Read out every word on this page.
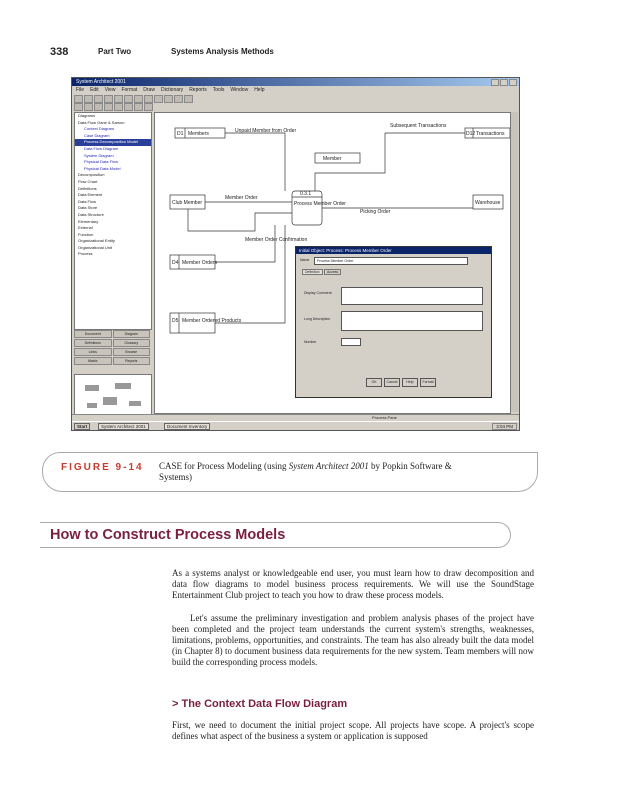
338	Part Two	Systems Analysis Methods
System Architect 2001
File Edit View Format Draw Dictionary Reports Tools Window Help
Diagrams
Data Flow Gane & Sarson
Context Diagram
Case Diagram
Process Decomposition Model
Data Flow Diagram
System Diagram
Physical Data Flow
Physical Data Model
Decomposition
Flow Chart
Definitions
Data Element
Data Flow
Data Store
Data Structure
Elementary
External
Function
Organizational Entity
Organizational Unit
Process
Document	Diagram
Definitions	Glossary
Links	Browse
Matrix	Reports
D1 Members	Unpaid Member from Order
Subsequent Transactions
D12 Transactions
Member
Club Member
Member Order
0.3.1
Process Member Order
Member Order Confirmation
Picking Order
Warehouse
D4 Member Orders
D5 Member Ordered Products
Initial Object: Process: Process Member Order
Name	Process Member Order
Definition	Access
Display Comment
Long Description
Number
OK	Cancel	Help	Format
Process Pane
Start	System Architect 2001	Document Inventory	3:04 PM
FIGURE 9-14 CASE for Process Modeling (using System Architect 2001 by Popkin Software & Systems)
How to Construct Process Models

As a systems analyst or knowledgeable end user, you must learn how to draw decomposition and data flow diagrams to model business process requirements. We will use the SoundStage Entertainment Club project to teach you how to draw these process models.

Let's assume the preliminary investigation and problem analysis phases of the project have been completed and the project team understands the current system's strengths, weaknesses, limitations, problems, opportunities, and constraints. The team has also already built the data model (in Chapter 8) to document business data requirements for the new system. Team members will now build the corresponding process models.

> The Context Data Flow Diagram

First, we need to document the initial project scope. All projects have scope. A project's scope defines what aspect of the business a system or application is supposed
